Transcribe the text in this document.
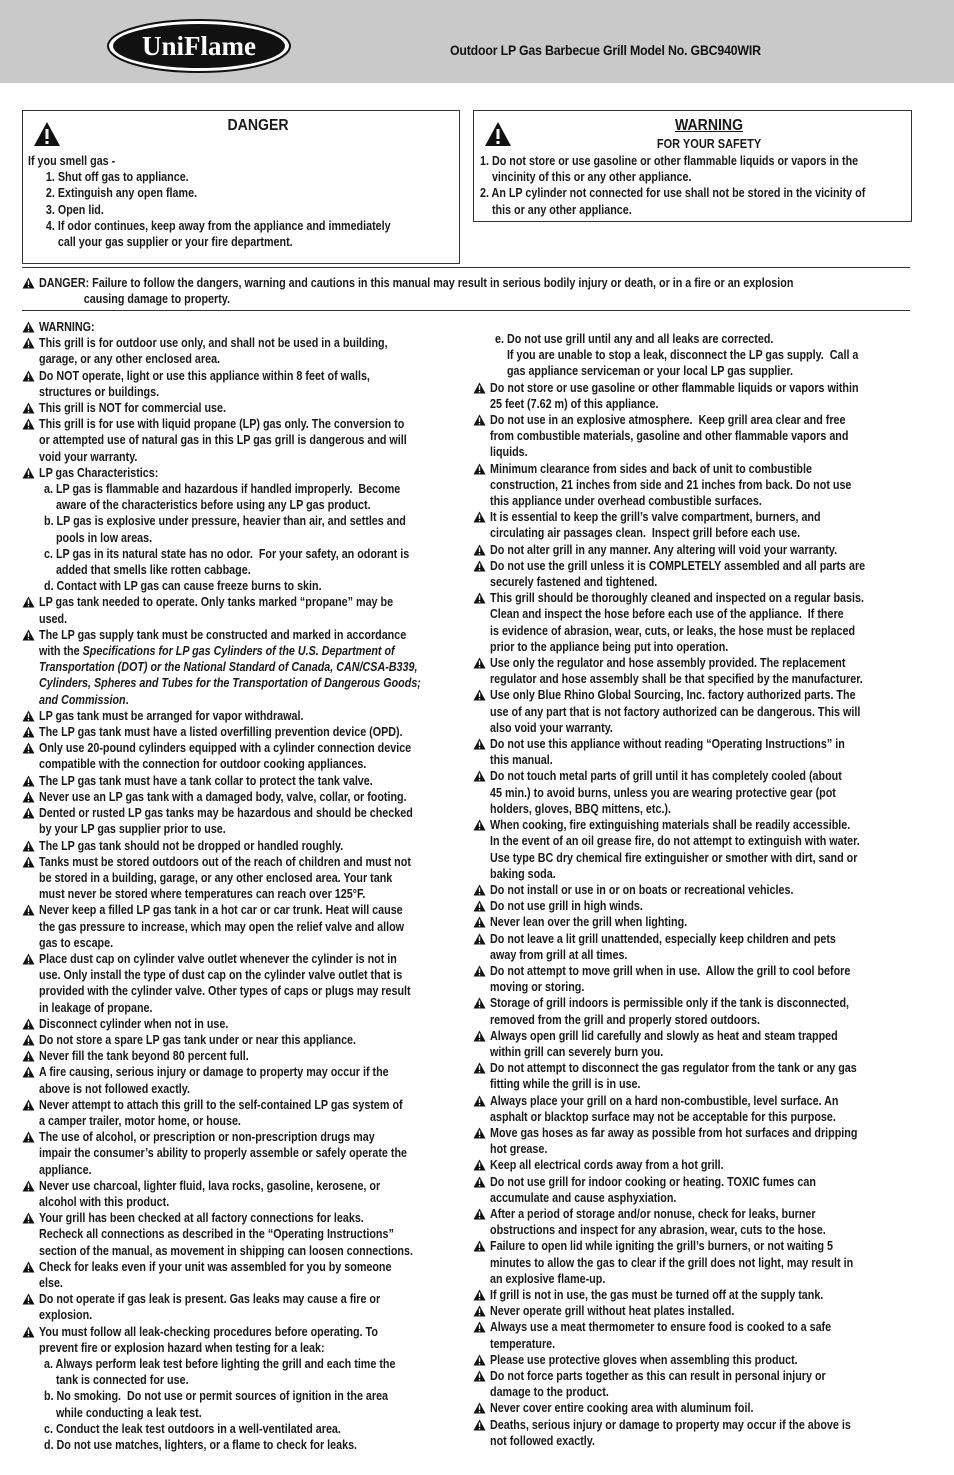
UniFlame	Outdoor LP Gas Barbecue Grill Model No. GBC940WIR
DANGER
If you smell gas -
1. Shut off gas to appliance.
2. Extinguish any open flame.
3. Open lid.
4. If odor continues, keep away from the appliance and immediately
call your gas supplier or your fire department.
WARNING
FOR YOUR SAFETY
1. Do not store or use gasoline or other flammable liquids or vapors in the
vincinity of this or any other appliance.
2. An LP cylinder not connected for use shall not be stored in the vicinity of
this or any other appliance.
DANGER: Failure to follow the dangers, warning and cautions in this manual may result in serious bodily injury or death, or in a fire or an explosion
causing damage to property.
WARNING:
This grill is for outdoor use only, and shall not be used in a building,
garage, or any other enclosed area.
Do NOT operate, light or use this appliance within 8 feet of walls,
structures or buildings.
This grill is NOT for commercial use.
This grill is for use with liquid propane (LP) gas only. The conversion to
or attempted use of natural gas in this LP gas grill is dangerous and will
void your warranty.
LP gas Characteristics:
a. LP gas is flammable and hazardous if handled improperly.  Become
aware of the characteristics before using any LP gas product.
b. LP gas is explosive under pressure, heavier than air, and settles and
pools in low areas.
c. LP gas in its natural state has no odor.  For your safety, an odorant is
added that smells like rotten cabbage.
d. Contact with LP gas can cause freeze burns to skin.
LP gas tank needed to operate. Only tanks marked “propane” may be
used.
The LP gas supply tank must be constructed and marked in accordance
with the Specifications for LP gas Cylinders of the U.S. Department of
Transportation (DOT) or the National Standard of Canada, CAN/CSA-B339,
Cylinders, Spheres and Tubes for the Transportation of Dangerous Goods;
and Commission.
LP gas tank must be arranged for vapor withdrawal.
The LP gas tank must have a listed overfilling prevention device (OPD).
Only use 20-pound cylinders equipped with a cylinder connection device
compatible with the connection for outdoor cooking appliances.
The LP gas tank must have a tank collar to protect the tank valve.
Never use an LP gas tank with a damaged body, valve, collar, or footing.
Dented or rusted LP gas tanks may be hazardous and should be checked
by your LP gas supplier prior to use.
The LP gas tank should not be dropped or handled roughly.
Tanks must be stored outdoors out of the reach of children and must not
be stored in a building, garage, or any other enclosed area. Your tank
must never be stored where temperatures can reach over 125°F.
Never keep a filled LP gas tank in a hot car or car trunk. Heat will cause
the gas pressure to increase, which may open the relief valve and allow
gas to escape.
Place dust cap on cylinder valve outlet whenever the cylinder is not in
use. Only install the type of dust cap on the cylinder valve outlet that is
provided with the cylinder valve. Other types of caps or plugs may result
in leakage of propane.
Disconnect cylinder when not in use.
Do not store a spare LP gas tank under or near this appliance.
Never fill the tank beyond 80 percent full.
A fire causing, serious injury or damage to property may occur if the
above is not followed exactly.
Never attempt to attach this grill to the self-contained LP gas system of
a camper trailer, motor home, or house.
The use of alcohol, or prescription or non-prescription drugs may
impair the consumer’s ability to properly assemble or safely operate the
appliance.
Never use charcoal, lighter fluid, lava rocks, gasoline, kerosene, or
alcohol with this product.
Your grill has been checked at all factory connections for leaks.
Recheck all connections as described in the “Operating Instructions”
section of the manual, as movement in shipping can loosen connections.
Check for leaks even if your unit was assembled for you by someone
else.
Do not operate if gas leak is present. Gas leaks may cause a fire or
explosion.
You must follow all leak-checking procedures before operating. To
prevent fire or explosion hazard when testing for a leak:
a. Always perform leak test before lighting the grill and each time the
tank is connected for use.
b. No smoking.  Do not use or permit sources of ignition in the area
while conducting a leak test.
c. Conduct the leak test outdoors in a well-ventilated area.
d. Do not use matches, lighters, or a flame to check for leaks.
e. Do not use grill until any and all leaks are corrected.
If you are unable to stop a leak, disconnect the LP gas supply.  Call a
gas appliance serviceman or your local LP gas supplier.
Do not store or use gasoline or other flammable liquids or vapors within
25 feet (7.62 m) of this appliance.
Do not use in an explosive atmosphere.  Keep grill area clear and free
from combustible materials, gasoline and other flammable vapors and
liquids.
Minimum clearance from sides and back of unit to combustible
construction, 21 inches from side and 21 inches from back. Do not use
this appliance under overhead combustible surfaces.
It is essential to keep the grill’s valve compartment, burners, and
circulating air passages clean.  Inspect grill before each use.
Do not alter grill in any manner. Any altering will void your warranty.
Do not use the grill unless it is COMPLETELY assembled and all parts are
securely fastened and tightened.
This grill should be thoroughly cleaned and inspected on a regular basis.
Clean and inspect the hose before each use of the appliance.  If there
is evidence of abrasion, wear, cuts, or leaks, the hose must be replaced
prior to the appliance being put into operation.
Use only the regulator and hose assembly provided. The replacement
regulator and hose assembly shall be that specified by the manufacturer.
Use only Blue Rhino Global Sourcing, Inc. factory authorized parts. The
use of any part that is not factory authorized can be dangerous. This will
also void your warranty.
Do not use this appliance without reading “Operating Instructions” in
this manual.
Do not touch metal parts of grill until it has completely cooled (about
45 min.) to avoid burns, unless you are wearing protective gear (pot
holders, gloves, BBQ mittens, etc.).
When cooking, fire extinguishing materials shall be readily accessible.
In the event of an oil grease fire, do not attempt to extinguish with water.
Use type BC dry chemical fire extinguisher or smother with dirt, sand or
baking soda.
Do not install or use in or on boats or recreational vehicles.
Do not use grill in high winds.
Never lean over the grill when lighting.
Do not leave a lit grill unattended, especially keep children and pets
away from grill at all times.
Do not attempt to move grill when in use.  Allow the grill to cool before
moving or storing.
Storage of grill indoors is permissible only if the tank is disconnected,
removed from the grill and properly stored outdoors.
Always open grill lid carefully and slowly as heat and steam trapped
within grill can severely burn you.
Do not attempt to disconnect the gas regulator from the tank or any gas
fitting while the grill is in use.
Always place your grill on a hard non-combustible, level surface. An
asphalt or blacktop surface may not be acceptable for this purpose.
Move gas hoses as far away as possible from hot surfaces and dripping
hot grease.
Keep all electrical cords away from a hot grill.
Do not use grill for indoor cooking or heating. TOXIC fumes can
accumulate and cause asphyxiation.
After a period of storage and/or nonuse, check for leaks, burner
obstructions and inspect for any abrasion, wear, cuts to the hose.
Failure to open lid while igniting the grill’s burners, or not waiting 5
minutes to allow the gas to clear if the grill does not light, may result in
an explosive flame-up.
If grill is not in use, the gas must be turned off at the supply tank.
Never operate grill without heat plates installed.
Always use a meat thermometer to ensure food is cooked to a safe
temperature.
Please use protective gloves when assembling this product.
Do not force parts together as this can result in personal injury or
damage to the product.
Never cover entire cooking area with aluminum foil.
Deaths, serious injury or damage to property may occur if the above is
not followed exactly.
